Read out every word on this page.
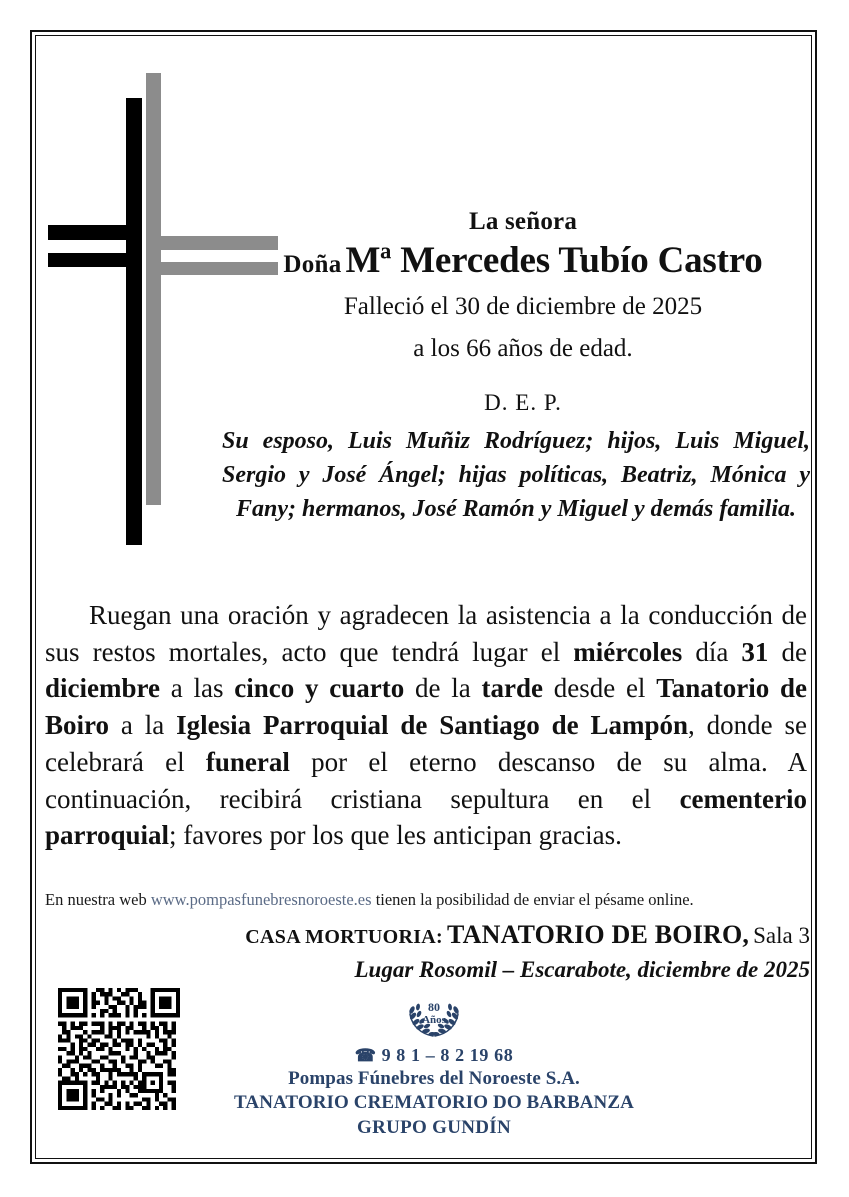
La señora
Doña Mª Mercedes Tubío Castro
Falleció el 30 de diciembre de 2025
a los 66 años de edad.
D. E. P.
Su esposo, Luis Muñiz Rodríguez; hijos, Luis Miguel, Sergio y José Ángel; hijas políticas, Beatriz, Mónica y Fany; hermanos, José Ramón y Miguel y demás familia.
Ruegan una oración y agradecen la asistencia a la conducción de sus restos mortales, acto que tendrá lugar el miércoles día 31 de diciembre a las cinco y cuarto de la tarde desde el Tanatorio de Boiro a la Iglesia Parroquial de Santiago de Lampón, donde se celebrará el funeral por el eterno descanso de su alma. A continuación, recibirá cristiana sepultura en el cementerio parroquial; favores por los que les anticipan gracias.
En nuestra web www.pompasfunebresnoroeste.es tienen la posibilidad de enviar el pésame online.
CASA MORTUORIA: TANATORIO DE BOIRO, Sala 3
Lugar Rosomil – Escarabote, diciembre de 2025
80
Años
☎ 9 8 1 – 8 2 19 68
Pompas Fúnebres del Noroeste S.A.
TANATORIO CREMATORIO DO BARBANZA
GRUPO GUNDÍN
